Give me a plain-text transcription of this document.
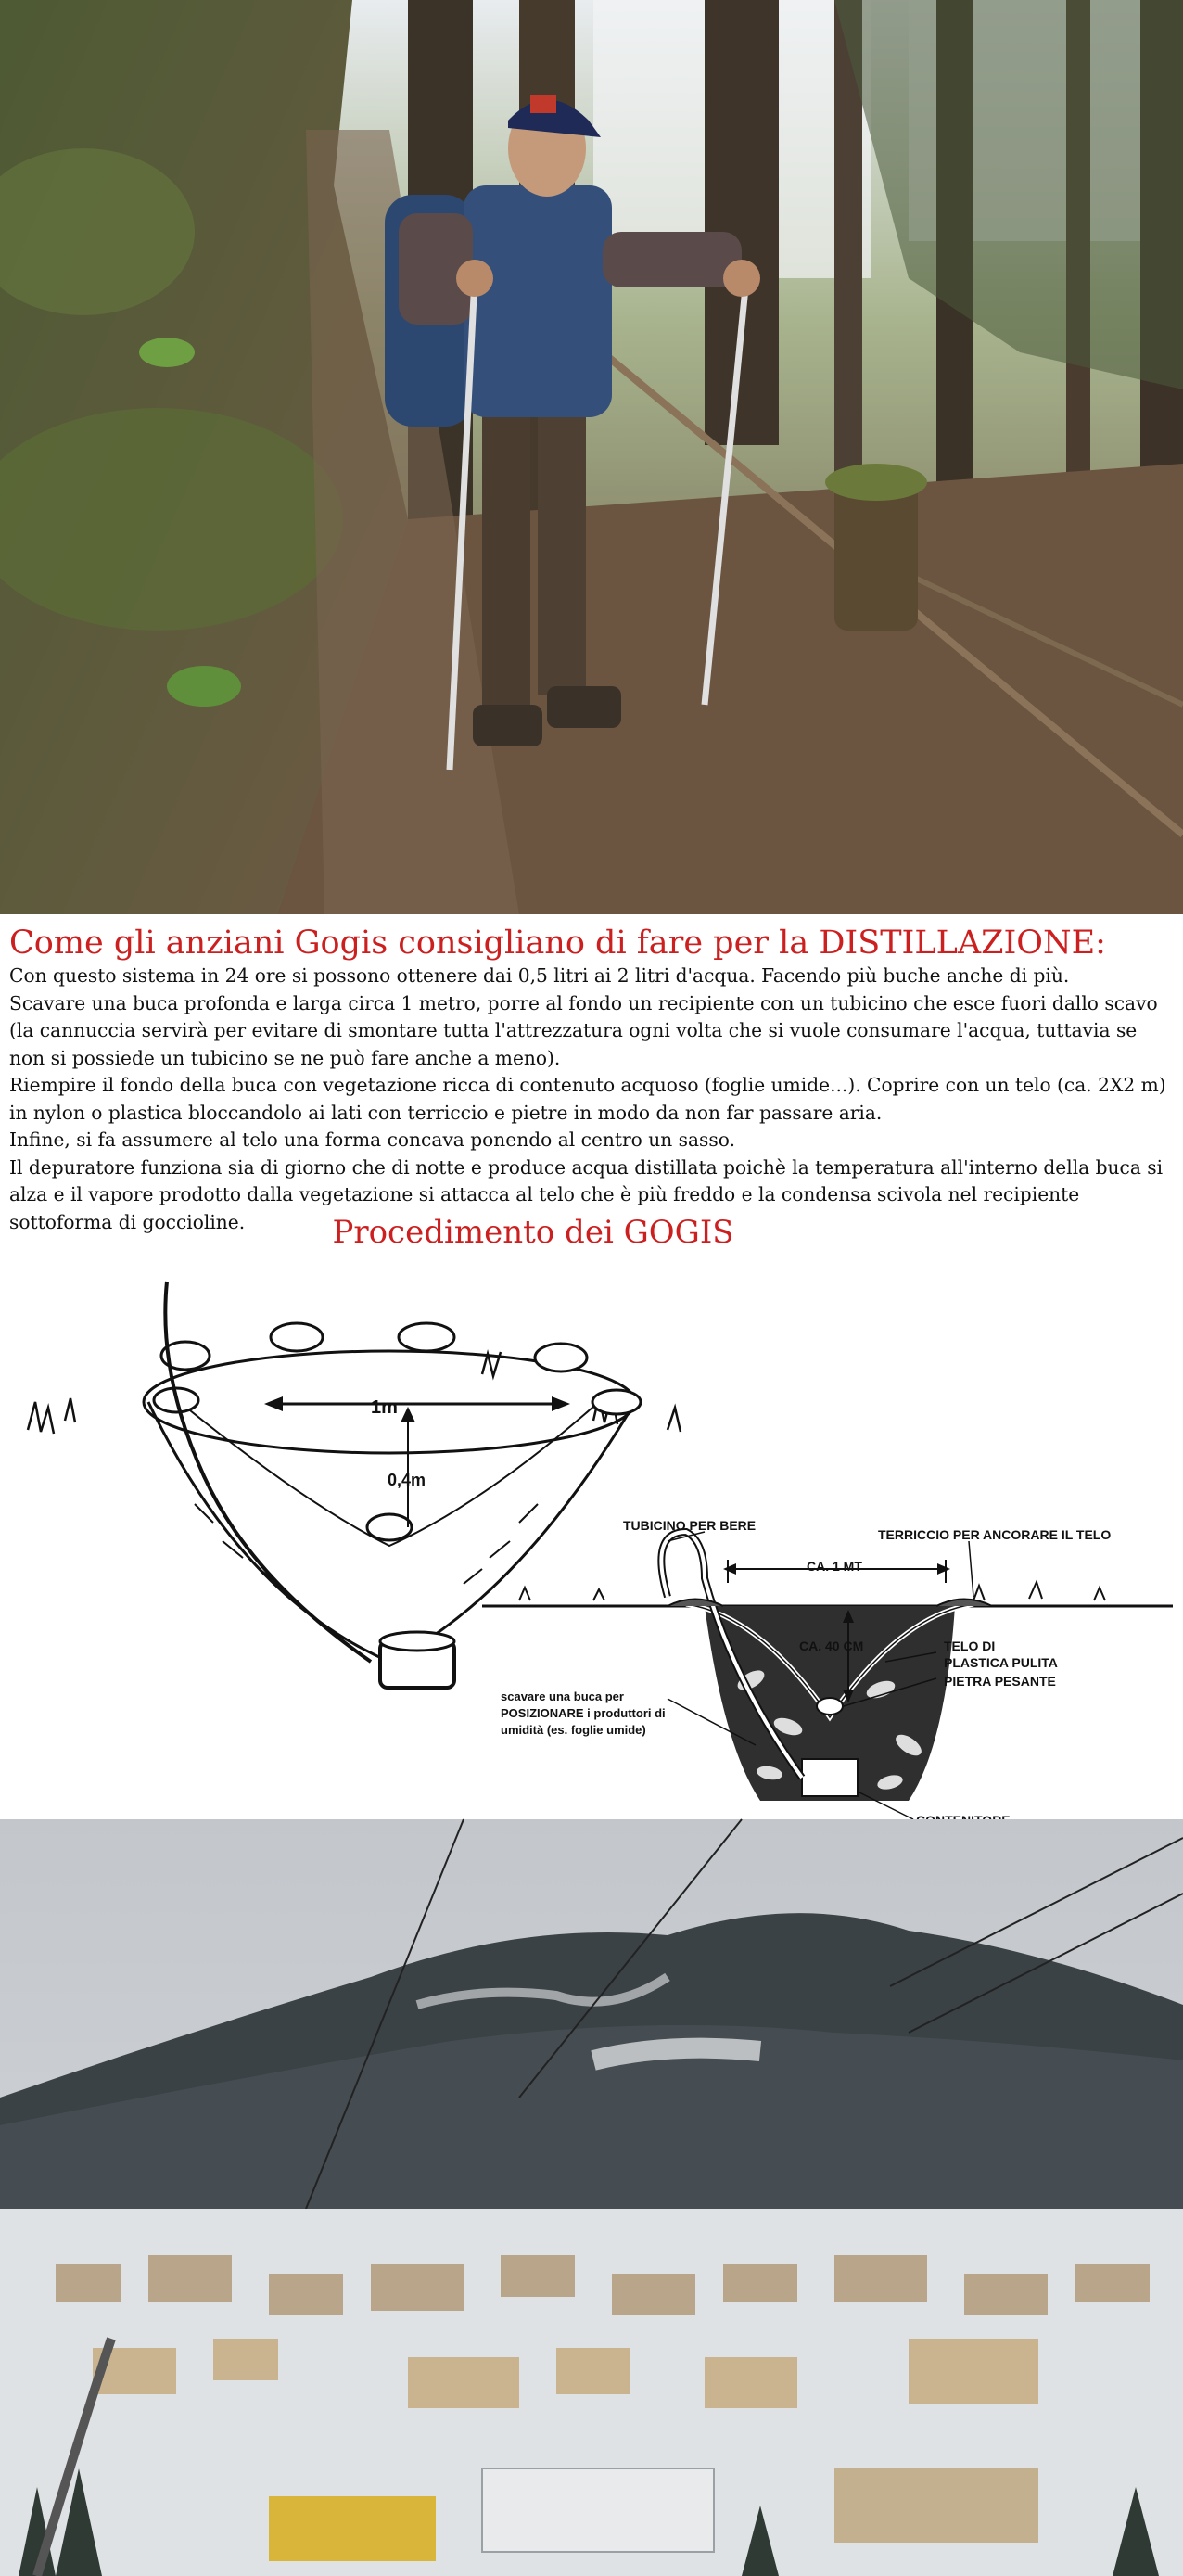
Come gli anziani Gogis consigliano di fare per la DISTILLAZIONE:

Con questo sistema in 24 ore si possono ottenere dai 0,5 litri ai 2 litri d'acqua. Facendo più buche anche di più.

Scavare una buca profonda e larga circa 1 metro, porre al fondo un recipiente con un tubicino che esce fuori dallo scavo (la cannuccia servirà per evitare di smontare tutta l'attrezzatura ogni volta che si vuole consumare l'acqua, tuttavia se non si possiede un tubicino se ne può fare anche a meno).

Riempire il fondo della buca con vegetazione ricca di contenuto acquoso (foglie umide...). Coprire con un telo (ca. 2X2 m) in nylon o plastica bloccandolo ai lati con terriccio e pietre in modo da non far passare aria.

Infine, si fa assumere al telo una forma concava ponendo al centro un sasso.

Il depuratore funziona sia di giorno che di notte e produce acqua distillata poichè la temperatura all'interno della buca si alza e il vapore prodotto dalla vegetazione si attacca al telo che è più freddo e la condensa scivola nel recipiente sottoforma di goccioline.	Procedimento dei GOGIS
1m
0,4m
TUBICINO PER BERE
TERRICCIO PER ANCORARE IL TELO
CA. 1 MT
CA. 40 CM	TELO DI
PLASTICA PULITA
PIETRA PESANTE
scavare una buca per
POSIZIONARE i produttori di
umidità (es. foglie umide)
